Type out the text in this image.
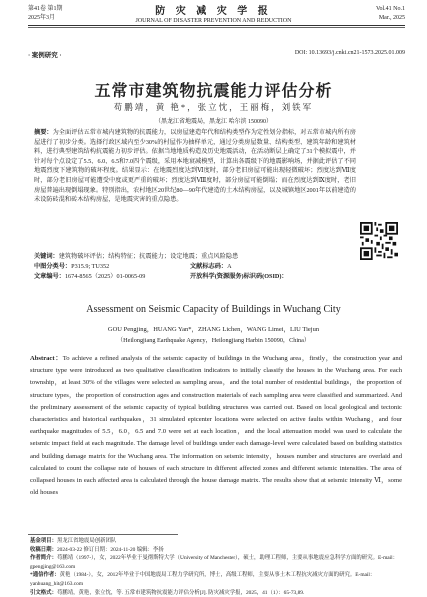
第41卷 第1期
2025年3月
防 灾 减 灾 学 报
JOURNAL OF DISASTER PREVENTION AND REDUCTION
Vol.41 No.1
Mar., 2025
· 案例研究 ·	DOI: 10.13693/j.cnki.cn21-1573.2025.01.009
五常市建筑物抗震能力评估分析
苟鹏靖，黄 艳*，张立忱，王丽梅，刘铁军
（黑龙江省地震局，黑龙江 哈尔滨 150090）
摘要：为全面评估五常市城内建筑物的抗震能力，以房屋建造年代和结构类型作为定性划分指标，对五常市城内所有房屋进行了初步分类。选择行政区域内至少30%的村屋作为抽样单元，通过分类房屋数量、结构类型、建筑年龄和建筑材料，进行典型建筑结构抗震能力初步评估。依据当地地质构造及历史地震活动，在活动断层上确定了31个模拟震中，并针对每个点设定了5.5、6.0、6.5和7.0四个震级，采用本地衰减模型，计算出各震级下的地震影响场，并据此评估了不同地震烈度下建筑物的破坏程度。结果显示：在地震烈度达到Ⅵ度时，部分老旧房屋可能出现轻微破坏；烈度达到Ⅶ度时，部分老旧房屋可能遭受中度或更严重的破坏；烈度达到Ⅷ度时，部分房屋可能倒塌；而在烈度达到Ⅸ度时，老旧房屋普遍出现倒塌现象。特别指出，农村地区20世纪80—90年代建造的土木结构房屋，以及城镇地区2001年以前建造的未设防砖混和砖木结构房屋，是地震灾害的重点隐患。
关键词：建筑物破坏评估；结构特征；抗震能力；设定地震；重点风险隐患
中图分类号：P315.9; TU352	文献标志码：A
文章编号：1674-8565（2025）01-0065-09	开放科学(资源服务)标识码(OSID)：
Assessment on Seismic Capacity of Buildings in Wuchang City
GOU Pengjing，HUANG Yan*，ZHANG Lichen，WANG Limei，LIU Tiejun
（Heilongjiang Earthquake Agency，Heilongjiang Harbin 150090，China）
Abstract：To achieve a refined analysis of the seismic capacity of buildings in the Wuchang area，firstly，the construction year and structure type were introduced as two qualitative classification indicators to initially classify the houses in the Wuchang area. For each township，at least 30% of the villages were selected as sampling areas，and the total number of residential buildings，the proportion of structure types，the proportion of construction ages and construction materials of each sampling area were classified and summarized. And the preliminary assessment of the seismic capacity of typical building structures was carried out. Based on local geological and tectonic characteristics and historical earthquakes，31 simulated epicenter locations were selected on active faults within Wuchang，and four earthquake magnitudes of 5.5，6.0，6.5 and 7.0 were set at each location，and the local attenuation model was used to calculate the seismic impact field at each magnitude. The damage level of buildings under each damage-level were calculated based on building statistics and building damage matrix for the Wuchang area. The information on seismic intensity，houses number and structures are overlaid and calculated to count the collapse rate of houses of each structure in different affected zones and different seismic intensities. The area of collapsed houses in each affected area is calculated through the house damage matrix. The results show that at seismic intensity Ⅵ，some old houses
基金项目：黑龙江省地震局创新团队
收稿日期：2024-03-22 修订日期：2024-11-20 编辑：李扬
作者简介：苟鹏靖（1997-），女，2022年毕业于曼彻斯特大学（University of Manchester），硕士，助理工程师，主要从事地震应急科学方面的研究。E-mail：gpengjing@163.com
*通信作者：黄艳（1984-），女，2012年毕业于中国地震局工程力学研究所，博士，高级工程师，主要从事土木工程抗灾减灾方面的研究。E-mail：yanhuang_hit@163.com
引文格式：苟鹏靖，黄艳，张立忱，等. 五常市建筑物抗震能力评估分析[J]. 防灾减灾学报，2025，41（1）：65-73,89.
